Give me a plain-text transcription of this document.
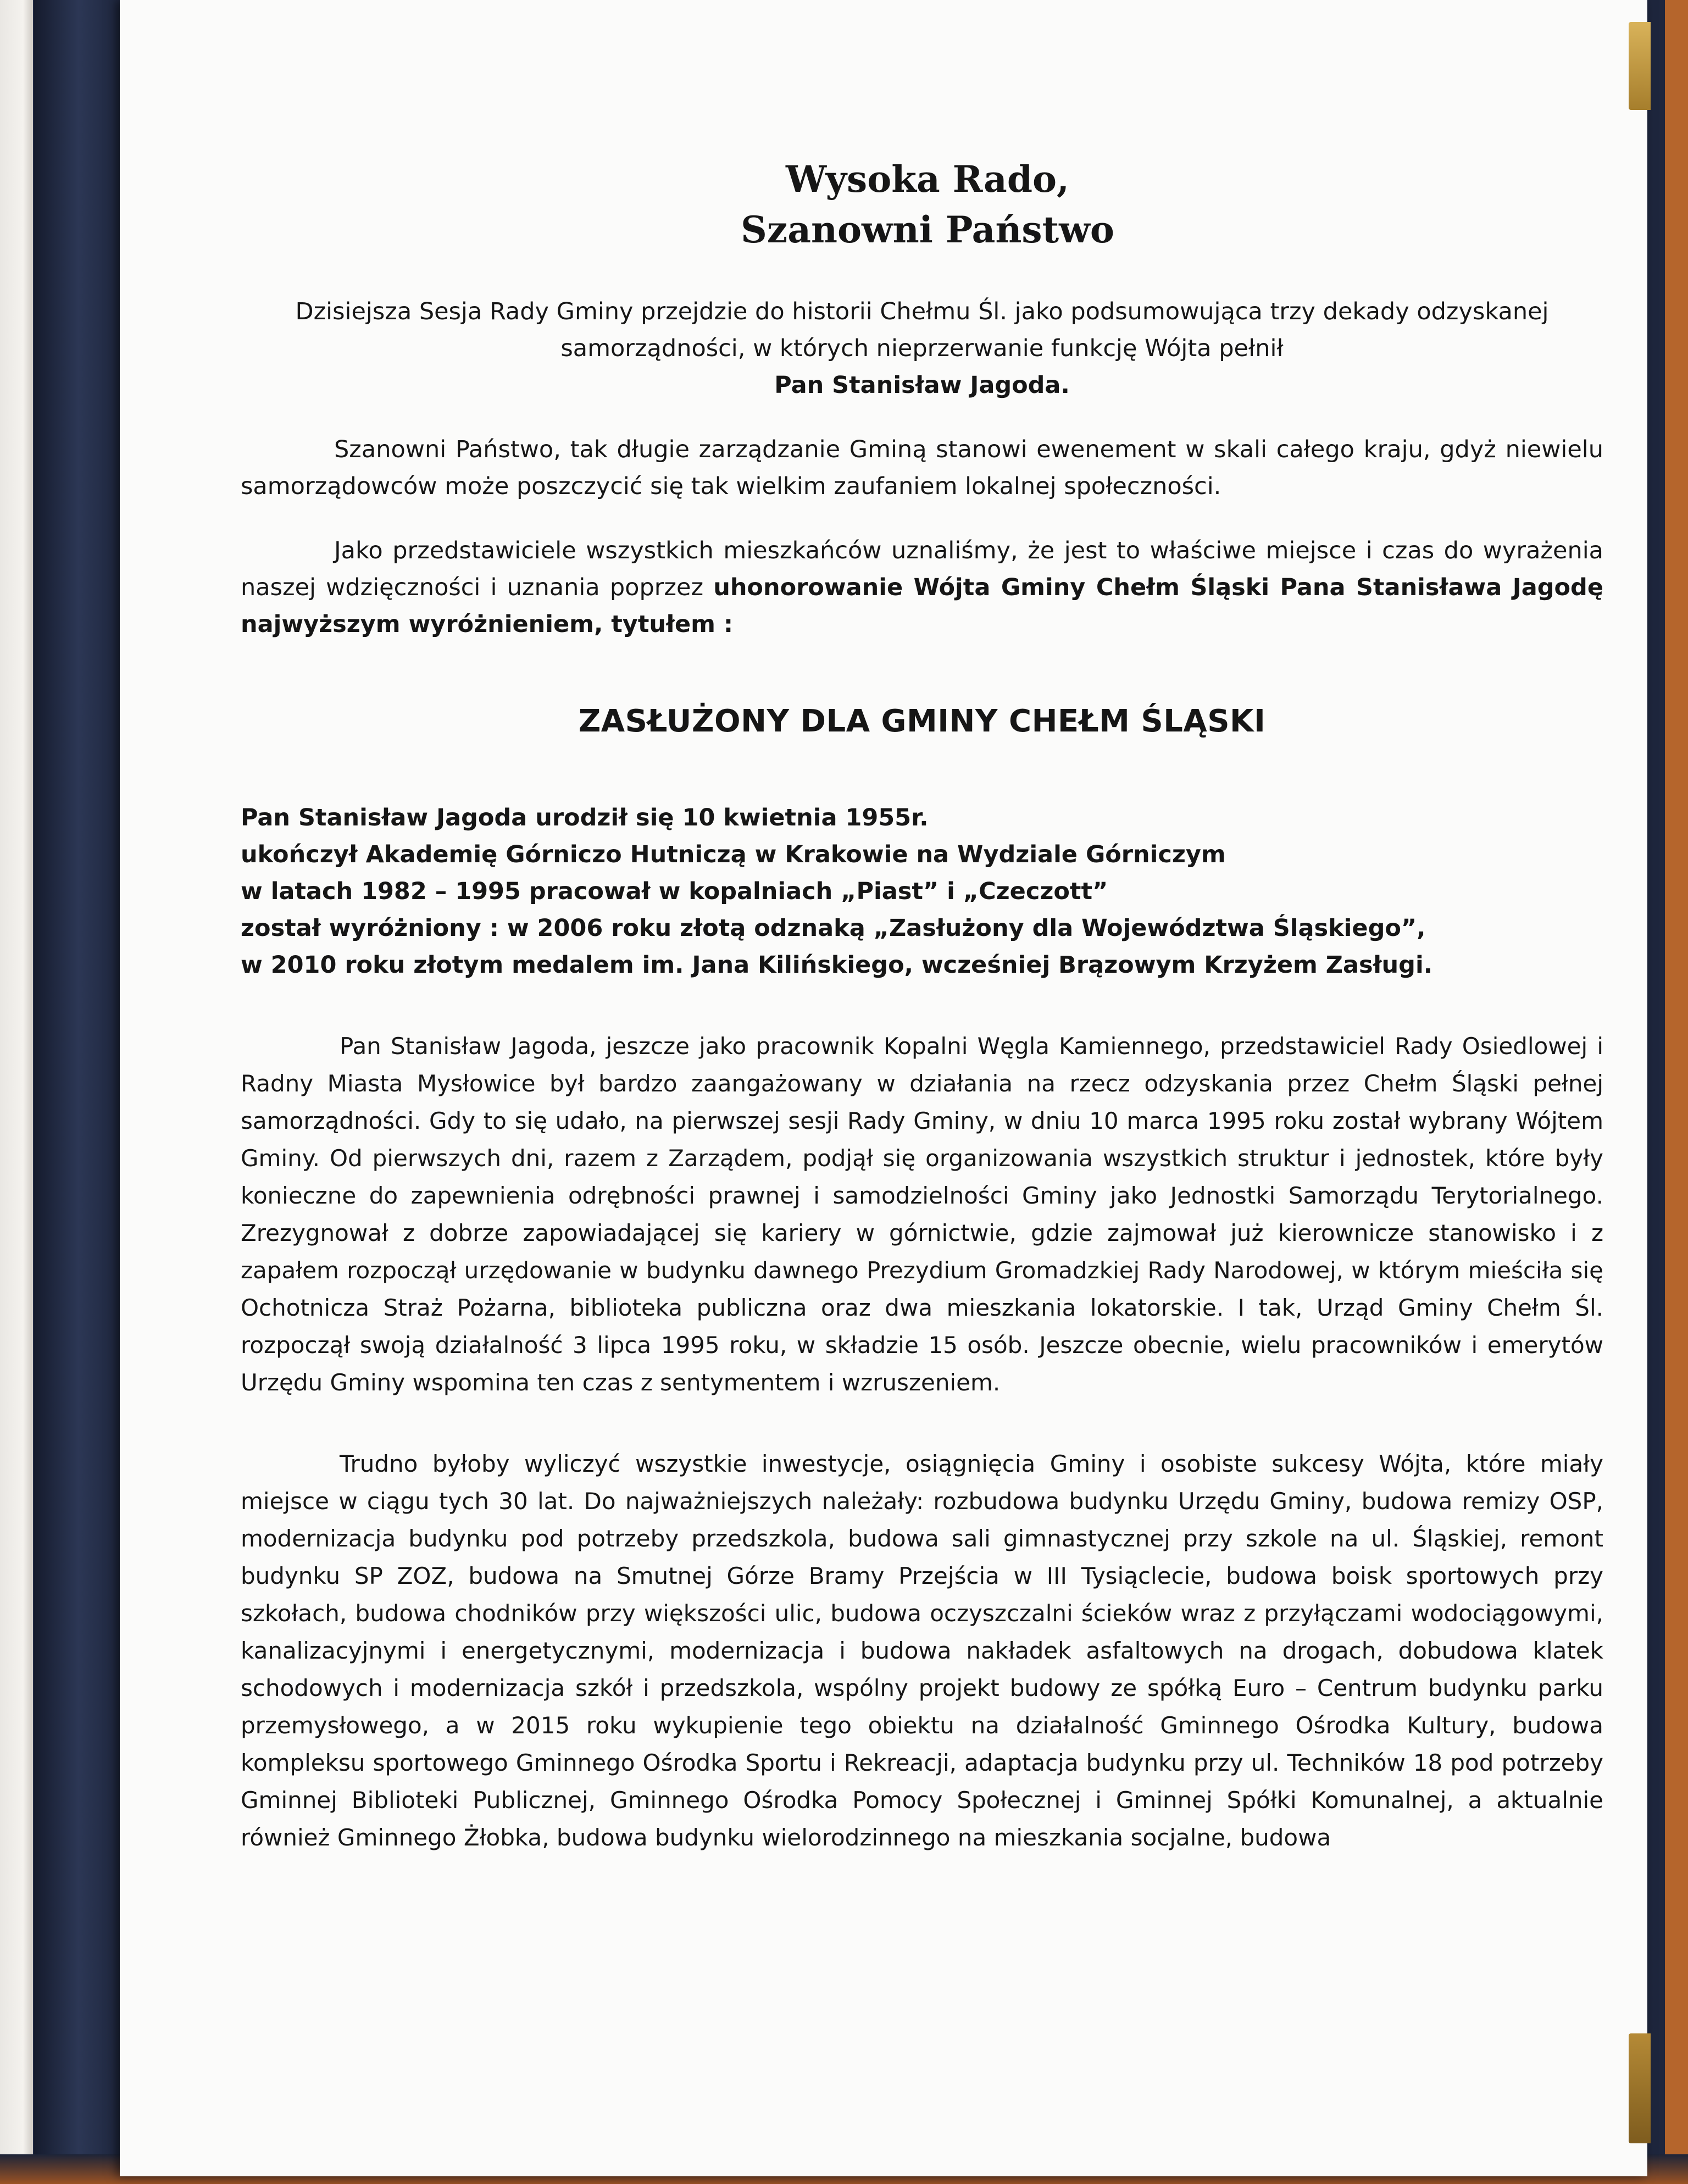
Wysoka Rado,
Szanowni Państwo
Dzisiejsza Sesja Rady Gminy przejdzie do historii Chełmu Śl. jako podsumowująca trzy dekady odzyskanej samorządności, w których nieprzerwanie funkcję Wójta pełnił
Pan Stanisław Jagoda.

Szanowni Państwo, tak długie zarządzanie Gminą stanowi ewenement w skali całego kraju, gdyż niewielu samorządowców może poszczycić się tak wielkim zaufaniem lokalnej społeczności.

Jako przedstawiciele wszystkich mieszkańców uznaliśmy, że jest to właściwe miejsce i czas do wyrażenia naszej wdzięczności i uznania poprzez uhonorowanie Wójta Gminy Chełm Śląski Pana Stanisława Jagodę najwyższym wyróżnieniem, tytułem :

ZASŁUŻONY DLA GMINY CHEŁM ŚLĄSKI
Pan Stanisław Jagoda urodził się 10 kwietnia 1955r.
ukończył Akademię Górniczo Hutniczą w Krakowie na Wydziale Górniczym
w latach 1982 – 1995 pracował w kopalniach „Piast” i „Czeczott”
został wyróżniony : w 2006 roku złotą odznaką „Zasłużony dla Województwa Śląskiego”,
w 2010 roku złotym medalem im. Jana Kilińskiego, wcześniej Brązowym Krzyżem Zasługi.

Pan Stanisław Jagoda, jeszcze jako pracownik Kopalni Węgla Kamiennego, przedstawiciel Rady Osiedlowej i Radny Miasta Mysłowice był bardzo zaangażowany w działania na rzecz odzyskania przez Chełm Śląski pełnej samorządności. Gdy to się udało, na pierwszej sesji Rady Gminy, w dniu 10 marca 1995 roku został wybrany Wójtem Gminy. Od pierwszych dni, razem z Zarządem, podjął się organizowania wszystkich struktur i jednostek, które były konieczne do zapewnienia odrębności prawnej i samodzielności Gminy jako Jednostki Samorządu Terytorialnego. Zrezygnował z dobrze zapowiadającej się kariery w górnictwie, gdzie zajmował już kierownicze stanowisko i z zapałem rozpoczął urzędowanie w budynku dawnego Prezydium Gromadzkiej Rady Narodowej, w którym mieściła się Ochotnicza Straż Pożarna, biblioteka publiczna oraz dwa mieszkania lokatorskie. I tak, Urząd Gminy Chełm Śl. rozpoczął swoją działalność 3 lipca 1995 roku, w składzie 15 osób. Jeszcze obecnie, wielu pracowników i emerytów Urzędu Gminy wspomina ten czas z sentymentem i wzruszeniem.

Trudno byłoby wyliczyć wszystkie inwestycje, osiągnięcia Gminy i osobiste sukcesy Wójta, które miały miejsce w ciągu tych 30 lat. Do najważniejszych należały: rozbudowa budynku Urzędu Gminy, budowa remizy OSP, modernizacja budynku pod potrzeby przedszkola, budowa sali gimnastycznej przy szkole na ul. Śląskiej, remont budynku SP ZOZ, budowa na Smutnej Górze Bramy Przejścia w III Tysiąclecie, budowa boisk sportowych przy szkołach, budowa chodników przy większości ulic, budowa oczyszczalni ścieków wraz z przyłączami wodociągowymi, kanalizacyjnymi i energetycznymi, modernizacja i budowa nakładek asfaltowych na drogach, dobudowa klatek schodowych i modernizacja szkół i przedszkola, wspólny projekt budowy ze spółką Euro – Centrum budynku parku przemysłowego, a w 2015 roku wykupienie tego obiektu na działalność Gminnego Ośrodka Kultury, budowa kompleksu sportowego Gminnego Ośrodka Sportu i Rekreacji, adaptacja budynku przy ul. Techników 18 pod potrzeby Gminnej Biblioteki Publicznej, Gminnego Ośrodka Pomocy Społecznej i Gminnej Spółki Komunalnej, a aktualnie również Gminnego Żłobka, budowa budynku wielorodzinnego na mieszkania socjalne, budowa
